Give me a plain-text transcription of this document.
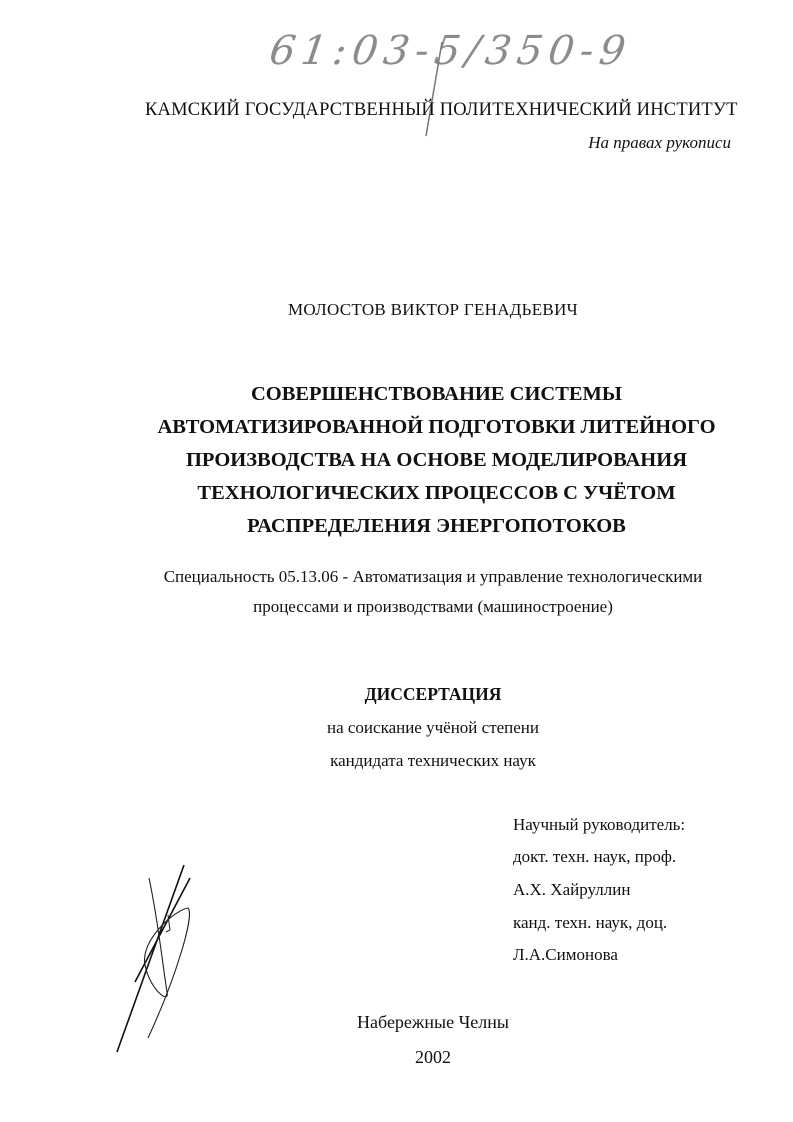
61:03-5/350-9
КАМСКИЙ ГОСУДАРСТВЕННЫЙ ПОЛИТЕХНИЧЕСКИЙ ИНСТИТУТ
На правах рукописи
МОЛОСТОВ ВИКТОР ГЕНАДЬЕВИЧ
СОВЕРШЕНСТВОВАНИЕ СИСТЕМЫ
АВТОМАТИЗИРОВАННОЙ ПОДГОТОВКИ ЛИТЕЙНОГО
ПРОИЗВОДСТВА НА ОСНОВЕ МОДЕЛИРОВАНИЯ
ТЕХНОЛОГИЧЕСКИХ ПРОЦЕССОВ С УЧЁТОМ
РАСПРЕДЕЛЕНИЯ ЭНЕРГОПОТОКОВ
Специальность 05.13.06 - Автоматизация и управление технологическими
процессами и производствами (машиностроение)
ДИССЕРТАЦИЯ
на соискание учёной степени
кандидата технических наук
Научный руководитель:
докт. техн. наук, проф.
А.Х. Хайруллин
канд. техн. наук, доц.
Л.А.Симонова
Набережные Челны
2002
